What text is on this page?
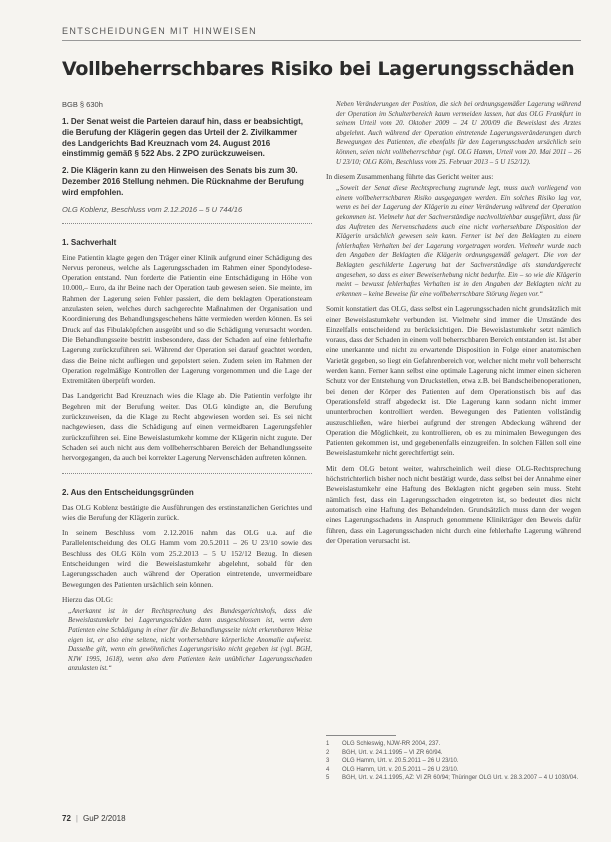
ENTSCHEIDUNGEN MIT HINWEISEN
Vollbeherrschbares Risiko bei Lagerungsschäden

BGB § 630h

1. Der Senat weist die Parteien darauf hin, dass er beabsichtigt, die Berufung der Klägerin gegen das Urteil der 2. Zivilkammer des Landgerichts Bad Kreuznach vom 24. August 2016 einstimmig gemäß § 522 Abs. 2 ZPO zurückzuweisen.

2. Die Klägerin kann zu den Hinweisen des Senats bis zum 30. Dezember 2016 Stellung nehmen. Die Rücknahme der Berufung wird empfohlen.

OLG Koblenz, Beschluss vom 2.12.2016 – 5 U 744/16

1. Sachverhalt

Eine Patientin klagte gegen den Träger einer Klinik aufgrund einer Schädigung des Nervus peroneus, welche als Lagerungsschaden im Rahmen einer Spondylodese-Operation entstand. Nun forderte die Patientin eine Entschädigung in Höhe von 10.000,– Euro, da ihr Beine nach der Operation taub gewesen seien. Sie meinte, im Rahmen der Lagerung seien Fehler passiert, die dem beklagten Operationsteam anzulasten seien, welches durch sachgerechte Maßnahmen der Organisation und Koordinierung des Behandlungsgeschehens hätte vermieden werden können. Es sei Druck auf das Fibulaköpfchen ausgeübt und so die Schädigung verursacht worden. Die Behandlungsseite bestritt insbesondere, dass der Schaden auf eine fehlerhafte Lagerung zurückzuführen sei. Während der Operation sei darauf geachtet worden, dass die Beine nicht aufliegen und gepolstert seien. Zudem seien im Rahmen der Operation regelmäßige Kontrollen der Lagerung vorgenommen und die Lage der Extremitäten überprüft worden.

Das Landgericht Bad Kreuznach wies die Klage ab. Die Patientin verfolgte ihr Begehren mit der Berufung weiter. Das OLG kündigte an, die Berufung zurückzuweisen, da die Klage zu Recht abgewiesen worden sei. Es sei nicht nachgewiesen, dass die Schädigung auf einen vermeidbaren Lagerungsfehler zurückzuführen sei. Eine Beweislastumkehr komme der Klägerin nicht zugute. Der Schaden sei auch nicht aus dem vollbeherrschbaren Bereich der Behandlungsseite hervorgegangen, da auch bei korrekter Lagerung Nervenschäden auftreten können.

2. Aus den Entscheidungsgründen

Das OLG Koblenz bestätigte die Ausführungen des erstinstanzlichen Gerichtes und wies die Berufung der Klägerin zurück.

In seinem Beschluss vom 2.12.2016 nahm das OLG u.a. auf die Parallelentscheidung des OLG Hamm vom 20.5.2011 – 26 U 23/10 sowie des Beschluss des OLG Köln vom 25.2.2013 – 5 U 152/12 Bezug. In diesen Entscheidungen wird die Beweislastumkehr abgelehnt, sobald für den Lagerungsschaden auch während der Operation eintretende, unvermeidbare Bewegungen des Patienten ursächlich sein können.

Hierzu das OLG:

„Anerkannt ist in der Rechtsprechung des Bundesgerichtshofs, dass die Beweislastumkehr bei Lagerungsschäden dann ausgeschlossen ist, wenn dem Patienten eine Schädigung in einer für die Behandlungsseite nicht erkennbaren Weise eigen ist, er also eine seltene, nicht vorhersehbare körperliche Anomalie aufweist. Dasselbe gilt, wenn ein gewöhnliches Lagerungsrisiko nicht gegeben ist (vgl. BGH, NJW 1995, 1618), wenn also dem Patienten kein unüblicher Lagerungsschaden anzulasten ist.“

Neben Veränderungen der Position, die sich bei ordnungsgemäßer Lagerung während der Operation im Schulterbereich kaum vermeiden lassen, hat das OLG Frankfurt in seinem Urteil vom 20. Oktober 2009 – 24 U 200/09 die Beweislast des Arztes abgelehnt. Auch während der Operation eintretende Lagerungsveränderungen durch Bewegungen des Patienten, die ebenfalls für den Lagerungsschaden ursächlich sein können, seien nicht vollbeherrschbar (vgl. OLG Hamm, Urteil vom 20. Mai 2011 – 26 U 23/10; OLG Köln, Beschluss vom 25. Februar 2013 – 5 U 152/12).

In diesem Zusammenhang führte das Gericht weiter aus:

„Soweit der Senat diese Rechtsprechung zugrunde legt, muss auch vorliegend von einem vollbeherrschbaren Risiko ausgegangen werden. Ein solches Risiko lag vor, wenn es bei der Lagerung der Klägerin zu einer Veränderung während der Operation gekommen ist. Vielmehr hat der Sachverständige nachvollziehbar ausgeführt, dass für das Auftreten des Nervenschadens auch eine nicht vorhersehbare Disposition der Klägerin ursächlich gewesen sein kann. Ferner ist bei den Beklagten zu einem fehlerhaften Verhalten bei der Lagerung vorgetragen worden. Vielmehr wurde nach den Angaben der Beklagten die Klägerin ordnungsgemäß gelagert. Die von der Beklagten geschilderte Lagerung hat der Sachverständige als standardgerecht angesehen, so dass es einer Beweiserhebung nicht bedurfte. Ein – so wie die Klägerin meint – bewusst fehlerhaftes Verhalten ist in den Angaben der Beklagten nicht zu erkennen – keine Beweise für eine vollbeherrschbare Störung liegen vor.“

Somit konstatiert das OLG, dass selbst ein Lagerungsschaden nicht grundsätzlich mit einer Beweislastumkehr verbunden ist. Vielmehr sind immer die Umstände des Einzelfalls entscheidend zu berücksichtigen. Die Beweislastumkehr setzt nämlich voraus, dass der Schaden in einem voll beherrschbaren Bereich entstanden ist. Ist aber eine unerkannte und nicht zu erwartende Disposition in Folge einer anatomischen Varietät gegeben, so liegt ein Gefahrenbereich vor, welcher nicht mehr voll beherrscht werden kann. Ferner kann selbst eine optimale Lagerung nicht immer einen sicheren Schutz vor der Entstehung von Druckstellen, etwa z.B. bei Bandscheibenoperationen, bei denen der Körper des Patienten auf dem Operationstisch bis auf das Operationsfeld straff abgedeckt ist. Die Lagerung kann sodann nicht immer ununterbrochen kontrolliert werden. Bewegungen des Patienten vollständig auszuschließen, wäre hierbei aufgrund der strengen Abdeckung während der Operation die Möglichkeit, zu kontrollieren, ob es zu minimalen Bewegungen des Patienten gekommen ist, und gegebenenfalls einzugreifen. In solchen Fällen soll eine Beweislastumkehr nicht gerechtfertigt sein.

Mit dem OLG betont weiter, wahrscheinlich weil diese OLG-Rechtsprechung höchstrichterlich bisher noch nicht bestätigt wurde, dass selbst bei der Annahme einer Beweislastumkehr eine Haftung des Beklagten nicht gegeben sein muss. Steht nämlich fest, dass ein Lagerungsschaden eingetreten ist, so bedeutet dies nicht automatisch eine Haftung des Behandelnden. Grundsätzlich muss dann der wegen eines Lagerungsschadens in Anspruch genommene Klinikträger den Beweis dafür führen, dass ein Lagerungsschaden nicht durch eine fehlerhafte Lagerung während der Operation verursacht ist.

1	OLG Schleswig, NJW-RR 2004, 237.
2	BGH, Urt. v. 24.1.1995 – VI ZR 60/94.
3	OLG Hamm, Urt. v. 20.5.2011 – 26 U 23/10.
4	OLG Hamm, Urt. v. 20.5.2011 – 26 U 23/10.
5	BGH, Urt. v. 24.1.1995, AZ: VI ZR 60/94; Thüringer OLG Urt. v. 28.3.2007 – 4 U 1030/04.
72 | GuP 2/2018
